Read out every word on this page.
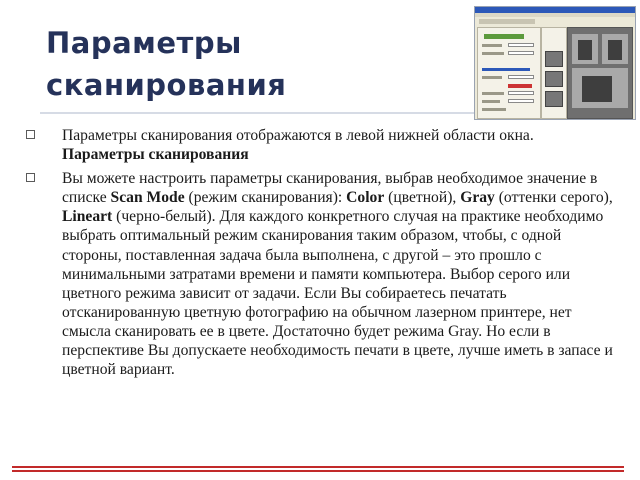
Параметры
сканирования
Параметры сканирования отображаются в левой нижней области окна. Параметры сканирования
Вы можете настроить параметры сканирования, выбрав необходимое значение в списке Scan Mode (режим сканирования): Color (цветной), Gray (оттенки серого), Lineart (черно-белый). Для каждого конкретного случая на практике необходимо выбрать оптимальный режим сканирования таким образом, чтобы, с одной стороны, поставленная задача была выполнена, с другой – это прошло с минимальными затратами времени и памяти компьютера. Выбор серого или цветного режима зависит от задачи. Если Вы собираетесь печатать отсканированную цветную фотографию на обычном лазерном принтере, нет смысла сканировать ее в цвете. Достаточно будет режима Gray. Но если в перспективе Вы допускаете необходимость печати в цвете, лучше иметь в запасе и цветной вариант.
